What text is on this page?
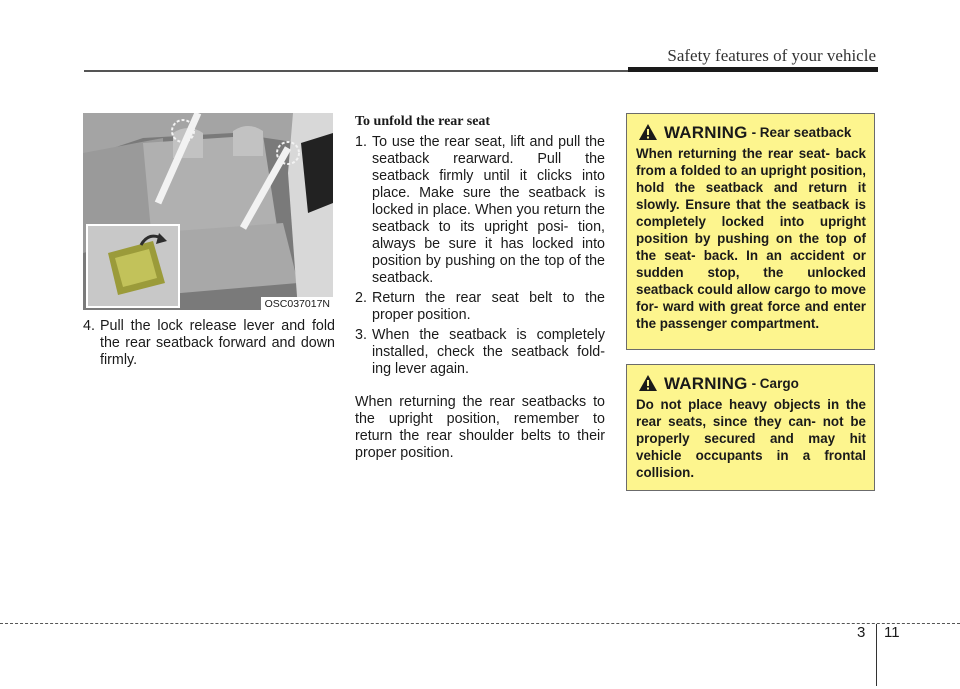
Safety features of your vehicle
OSC037017N
4. Pull the lock release lever and fold the rear seatback forward and down firmly.
To unfold the rear seat
1. To use the rear seat, lift and pull the seatback rearward. Pull the seatback firmly until it clicks into place. Make sure the seatback is locked in place. When you return the seatback to its upright posi- tion, always be sure it has locked into position by pushing on the top of the seatback.
2. Return the rear seat belt to the proper position.
3. When the seatback is completely installed, check the seatback fold- ing lever again.
When returning the rear seatbacks to the upright position, remember to return the rear shoulder belts to their proper position.
WARNING - Rear seatback
When returning the rear seat- back from a folded to an upright position, hold the seatback and return it slowly. Ensure that the seatback is completely locked into upright position by pushing on the top of the seat- back. In an accident or sudden stop, the unlocked seatback could allow cargo to move for- ward with great force and enter the passenger compartment.
WARNING - Cargo
Do not place heavy objects in the rear seats, since they can- not be properly secured and may hit vehicle occupants in a frontal collision.
3 11
